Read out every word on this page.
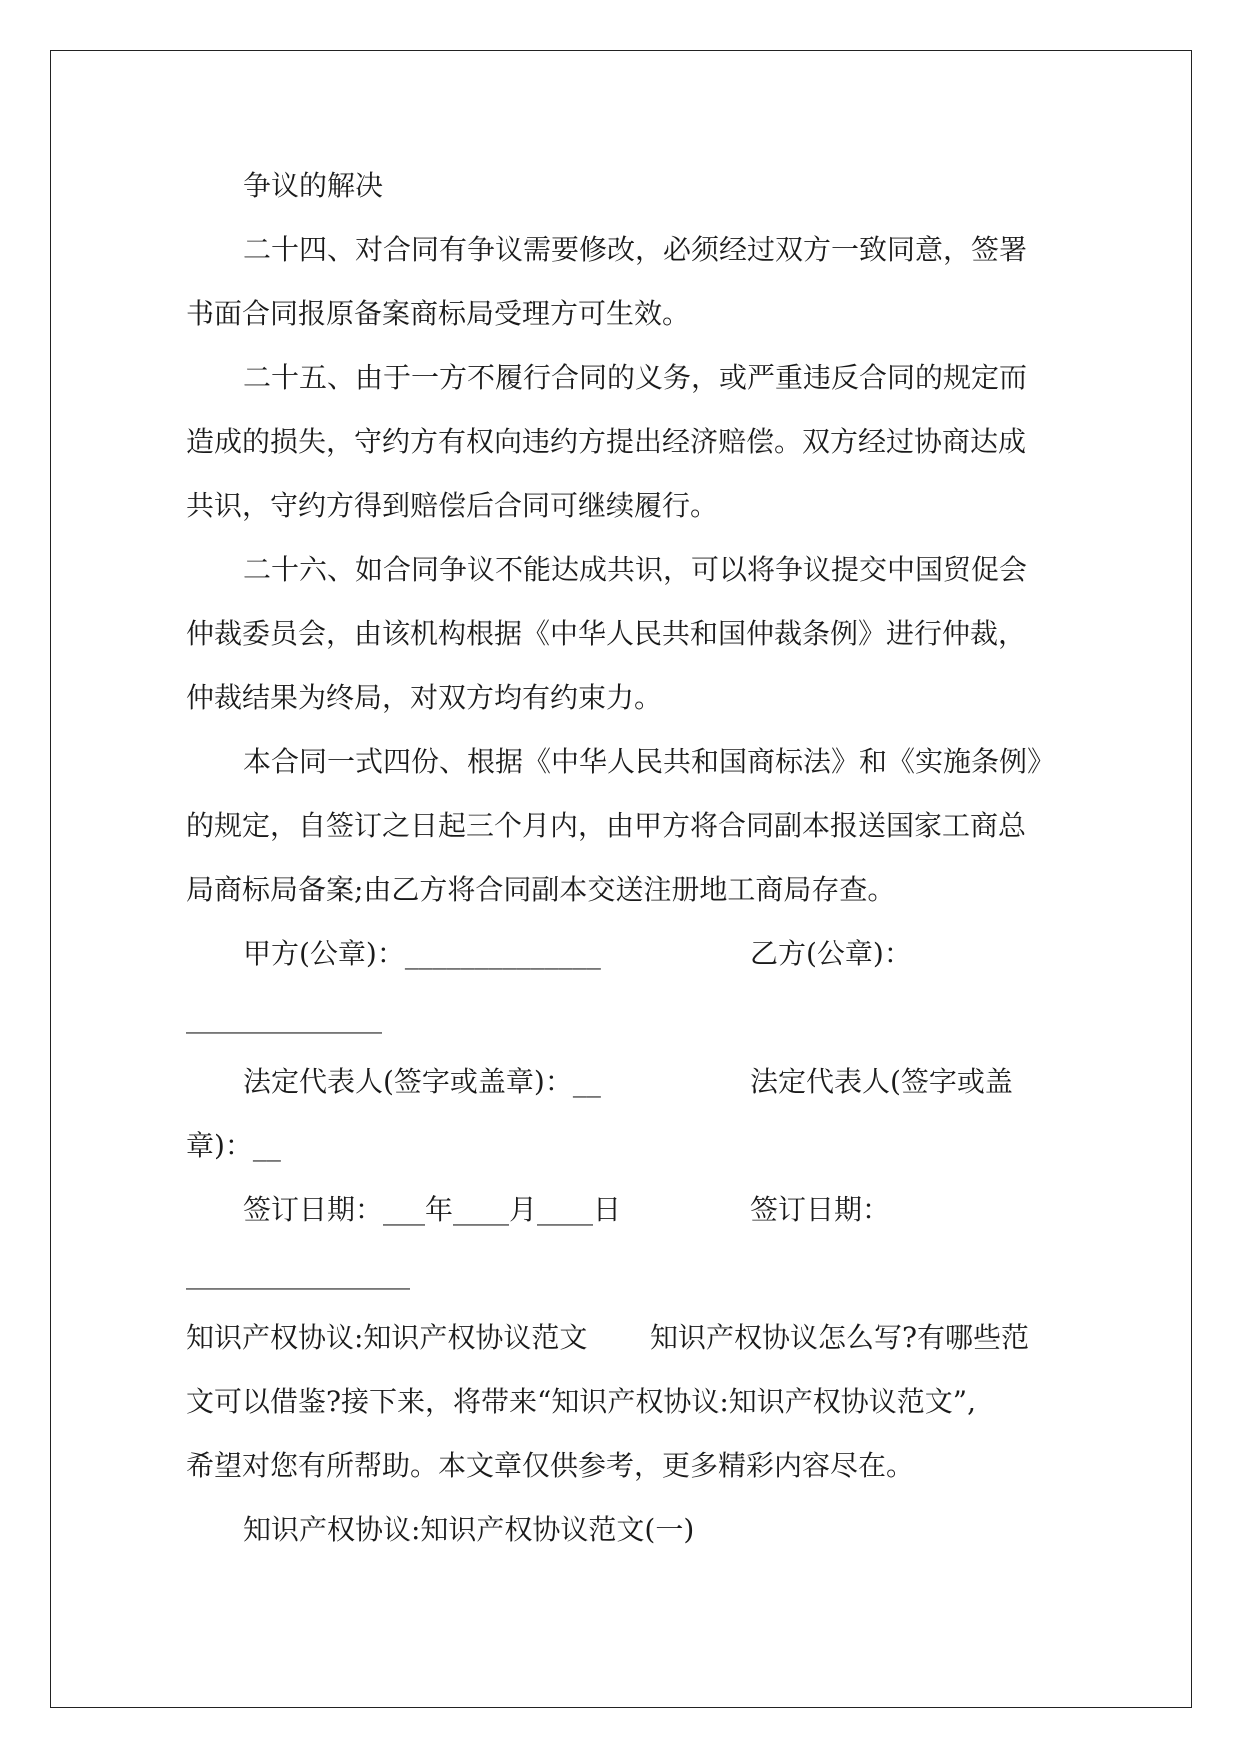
争议的解决

二十四、对合同有争议需要修改，必须经过双方一致同意，签署

书面合同报原备案商标局受理方可生效。

二十五、由于一方不履行合同的义务，或严重违反合同的规定而

造成的损失，守约方有权向违约方提出经济赔偿。双方经过协商达成

共识，守约方得到赔偿后合同可继续履行。

二十六、如合同争议不能达成共识，可以将争议提交中国贸促会

仲裁委员会，由该机构根据《中华人民共和国仲裁条例》进行仲裁，

仲裁结果为终局，对双方均有约束力。

本合同一式四份、根据《中华人民共和国商标法》和《实施条例》

的规定，自签订之日起三个月内，由甲方将合同副本报送国家工商总

局商标局备案;由乙方将合同副本交送注册地工商局存查。

甲方(公章)：______________	乙方(公章)：

______________

法定代表人(签字或盖章)：__	法定代表人(签字或盖

章)：__

签订日期：___年____月____日	签订日期：

________________

知识产权协议:知识产权协议范文 知识产权协议怎么写?有哪些范

文可以借鉴?接下来，将带来“知识产权协议:知识产权协议范文”,

希望对您有所帮助。本文章仅供参考，更多精彩内容尽在。

知识产权协议:知识产权协议范文(一)
